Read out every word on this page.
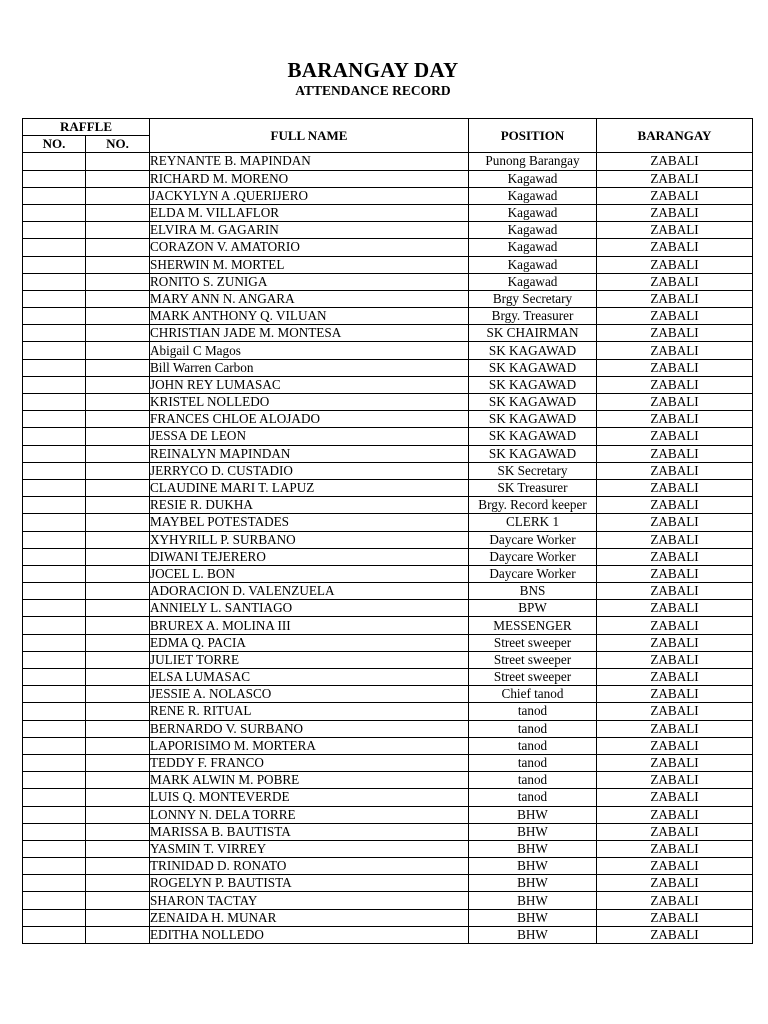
BARANGAY DAY
ATTENDANCE RECORD
RAFFLE		FULL NAME	POSITION	BARANGAY
NO.	NO.			
		REYNANTE B. MAPINDAN	Punong Barangay	ZABALI
		RICHARD M. MORENO	Kagawad	ZABALI
		JACKYLYN A .QUERIJERO	Kagawad	ZABALI
		ELDA M. VILLAFLOR	Kagawad	ZABALI
		ELVIRA M. GAGARIN	Kagawad	ZABALI
		CORAZON V. AMATORIO	Kagawad	ZABALI
		SHERWIN M. MORTEL	Kagawad	ZABALI
		RONITO S. ZUNIGA	Kagawad	ZABALI
		MARY ANN N. ANGARA	Brgy Secretary	ZABALI
		MARK ANTHONY Q. VILUAN	Brgy. Treasurer	ZABALI
		CHRISTIAN JADE M. MONTESA	SK CHAIRMAN	ZABALI
		Abigail C Magos	SK KAGAWAD	ZABALI
		Bill Warren Carbon	SK KAGAWAD	ZABALI
		JOHN REY LUMASAC	SK KAGAWAD	ZABALI
		KRISTEL NOLLEDO	SK KAGAWAD	ZABALI
		FRANCES CHLOE ALOJADO	SK KAGAWAD	ZABALI
		JESSA DE LEON	SK KAGAWAD	ZABALI
		REINALYN MAPINDAN	SK KAGAWAD	ZABALI
		JERRYCO D. CUSTADIO	SK Secretary	ZABALI
		CLAUDINE MARI T. LAPUZ	SK Treasurer	ZABALI
		RESIE R. DUKHA	Brgy. Record keeper	ZABALI
		MAYBEL POTESTADES	CLERK 1	ZABALI
		XYHYRILL P. SURBANO	Daycare Worker	ZABALI
		DIWANI TEJERERO	Daycare Worker	ZABALI
		JOCEL L. BON	Daycare Worker	ZABALI
		ADORACION D. VALENZUELA	BNS	ZABALI
		ANNIELY L. SANTIAGO	BPW	ZABALI
		BRUREX A. MOLINA III	MESSENGER	ZABALI
		EDMA Q. PACIA	Street sweeper	ZABALI
		JULIET TORRE	Street sweeper	ZABALI
		ELSA LUMASAC	Street sweeper	ZABALI
		JESSIE A. NOLASCO	Chief tanod	ZABALI
		RENE R. RITUAL	tanod	ZABALI
		BERNARDO V. SURBANO	tanod	ZABALI
		LAPORISIMO M. MORTERA	tanod	ZABALI
		TEDDY F. FRANCO	tanod	ZABALI
		MARK ALWIN M. POBRE	tanod	ZABALI
		LUIS Q. MONTEVERDE	tanod	ZABALI
		LONNY N. DELA TORRE	BHW	ZABALI
		MARISSA B. BAUTISTA	BHW	ZABALI
		YASMIN T. VIRREY	BHW	ZABALI
		TRINIDAD D. RONATO	BHW	ZABALI
		ROGELYN P. BAUTISTA	BHW	ZABALI
		SHARON TACTAY	BHW	ZABALI
		ZENAIDA H. MUNAR	BHW	ZABALI
		EDITHA NOLLEDO	BHW	ZABALI
